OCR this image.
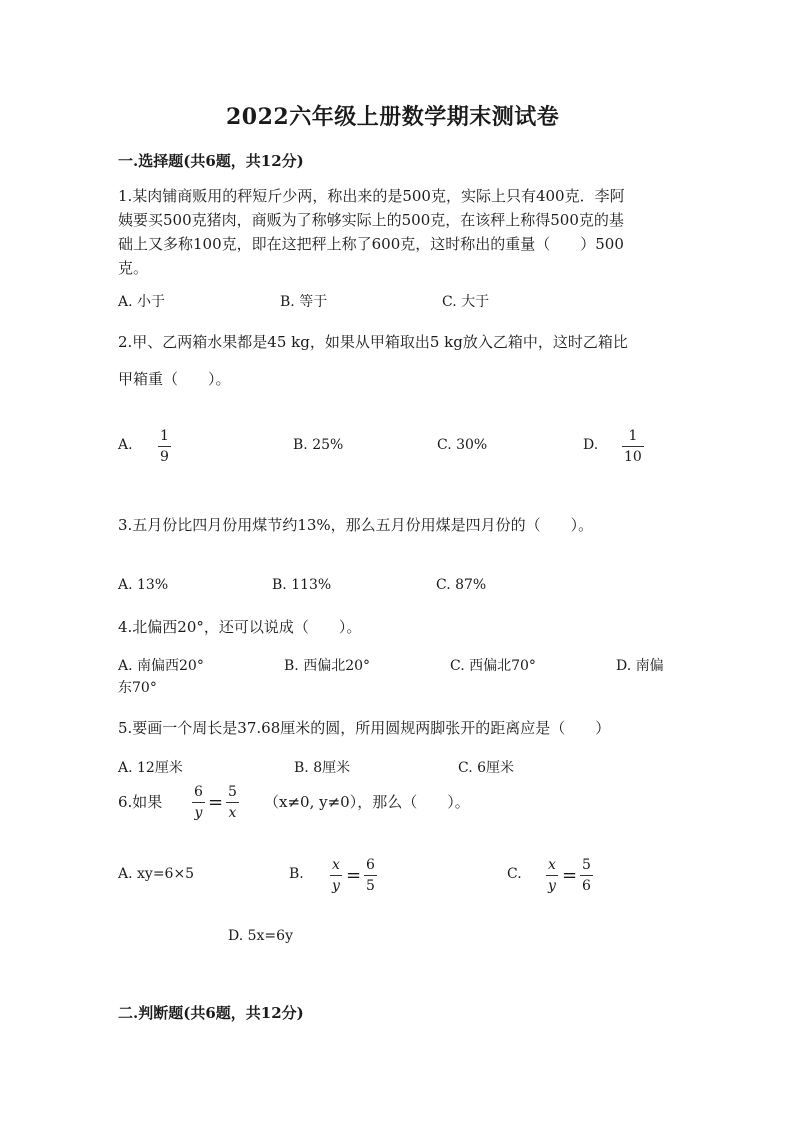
2022六年级上册数学期末测试卷
一.选择题(共6题，共12分)
1.某肉铺商贩用的秤短斤少两，称出来的是500克，实际上只有400克．李阿
姨要买500克猪肉，商贩为了称够实际上的500克，在该秤上称得500克的基
础上又多称100克，即在这把秤上称了600克，这时称出的重量（　　）500
克。
A. 小于	B. 等于	C. 大于
2.甲、乙两箱水果都是45 kg，如果从甲箱取出5 kg放入乙箱中，这时乙箱比
甲箱重（　　）。
A.
1
9
B. 25%	C. 30%	D.
1
10
3.五月份比四月份用煤节约13%，那么五月份用煤是四月份的（　　）。
A. 13%	B. 113%	C. 87%
4.北偏西20°，还可以说成（　　）。
A. 南偏西20°	B. 西偏北20°	C. 西偏北70°	D. 南偏
东70°
5.要画一个周长是37.68厘米的圆，所用圆规两脚张开的距离应是（　　）
A. 12厘米	B. 8厘米	C. 6厘米
6.如果
6
y = 5
x
（x≠0, y≠0），那么（　　）。
A. xy=6×5	B.
x
y = 6
5
C.
x
y = 5
6
D. 5x=6y
二.判断题(共6题，共12分)
